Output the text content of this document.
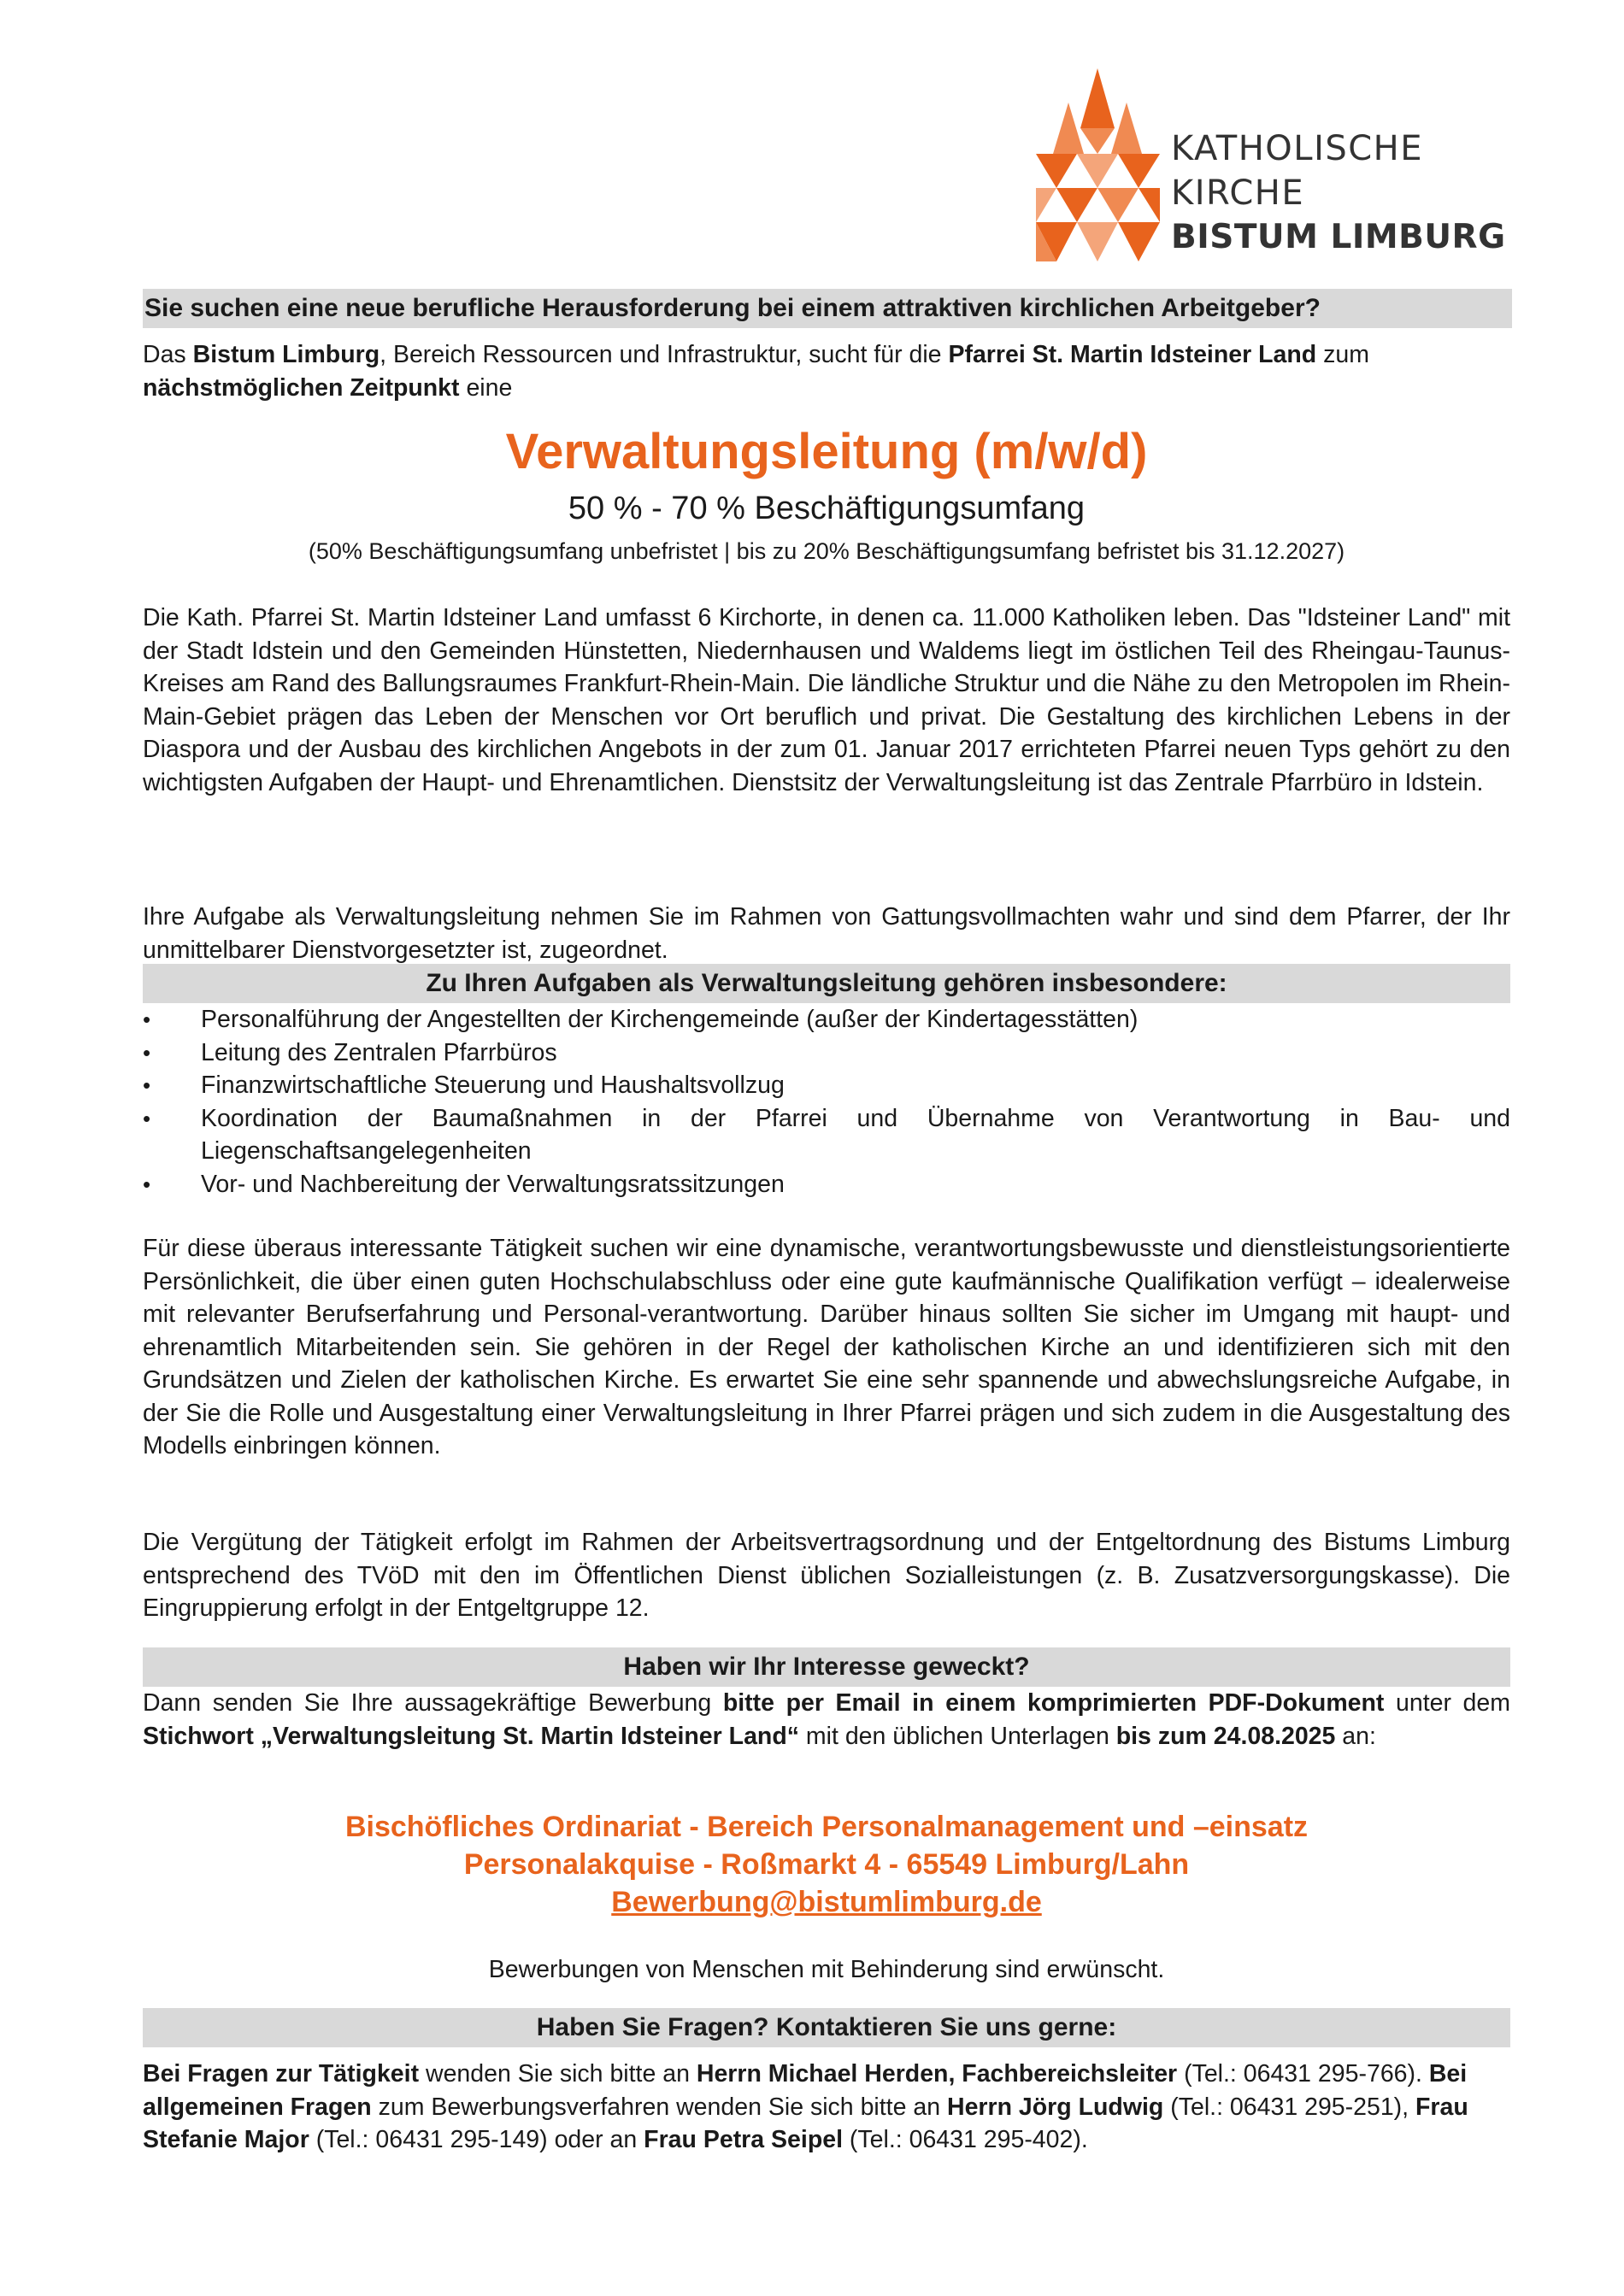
KATHOLISCHE
KIRCHE
BISTUM LIMBURG
Sie suchen eine neue berufliche Herausforderung bei einem attraktiven kirchlichen Arbeitgeber?

Das Bistum Limburg, Bereich Ressourcen und Infrastruktur, sucht für die Pfarrei St. Martin Idsteiner Land zum nächstmöglichen Zeitpunkt eine

Verwaltungsleitung (m/w/d)
50 % - 70 % Beschäftigungsumfang
(50% Beschäftigungsumfang unbefristet | bis zu 20% Beschäftigungsumfang befristet bis 31.12.2027)

Die Kath. Pfarrei St. Martin Idsteiner Land umfasst 6 Kirchorte, in denen ca. 11.000 Katholiken leben. Das "Idsteiner Land" mit der Stadt Idstein und den Gemeinden Hünstetten, Niedernhausen und Waldems liegt im östlichen Teil des Rheingau-Taunus-Kreises am Rand des Ballungsraumes Frankfurt-Rhein-Main. Die ländliche Struktur und die Nähe zu den Metropolen im Rhein-Main-Gebiet prägen das Leben der Menschen vor Ort beruflich und privat. Die Gestaltung des kirchlichen Lebens in der Diaspora und der Ausbau des kirchlichen Angebots in der zum 01. Januar 2017 errichteten Pfarrei neuen Typs gehört zu den wichtigsten Aufgaben der Haupt- und Ehrenamtlichen. Dienstsitz der Verwaltungsleitung ist das Zentrale Pfarrbüro in Idstein.

Ihre Aufgabe als Verwaltungsleitung nehmen Sie im Rahmen von Gattungsvollmachten wahr und sind dem Pfarrer, der Ihr unmittelbarer Dienstvorgesetzter ist, zugeordnet.

Zu Ihren Aufgaben als Verwaltungsleitung gehören insbesondere:
• Personalführung der Angestellten der Kirchengemeinde (außer der Kindertagesstätten)
• Leitung des Zentralen Pfarrbüros
• Finanzwirtschaftliche Steuerung und Haushaltsvollzug
• Koordination der Baumaßnahmen in der Pfarrei und Übernahme von Verantwortung in Bau- und Liegenschaftsangelegenheiten
• Vor- und Nachbereitung der Verwaltungsratssitzungen

Für diese überaus interessante Tätigkeit suchen wir eine dynamische, verantwortungsbewusste und dienstleistungsorientierte Persönlichkeit, die über einen guten Hochschulabschluss oder eine gute kaufmännische Qualifikation verfügt – idealerweise mit relevanter Berufserfahrung und Personal-verantwortung. Darüber hinaus sollten Sie sicher im Umgang mit haupt- und ehrenamtlich Mitarbeitenden sein. Sie gehören in der Regel der katholischen Kirche an und identifizieren sich mit den Grundsätzen und Zielen der katholischen Kirche. Es erwartet Sie eine sehr spannende und abwechslungsreiche Aufgabe, in der Sie die Rolle und Ausgestaltung einer Verwaltungsleitung in Ihrer Pfarrei prägen und sich zudem in die Ausgestaltung des Modells einbringen können.

Die Vergütung der Tätigkeit erfolgt im Rahmen der Arbeitsvertragsordnung und der Entgeltordnung des Bistums Limburg entsprechend des TVöD mit den im Öffentlichen Dienst üblichen Sozialleistungen (z. B. Zusatzversorgungskasse). Die Eingruppierung erfolgt in der Entgeltgruppe 12.

Haben wir Ihr Interesse geweckt?

Dann senden Sie Ihre aussagekräftige Bewerbung bitte per Email in einem komprimierten PDF-Dokument unter dem Stichwort „Verwaltungsleitung St. Martin Idsteiner Land“ mit den üblichen Unterlagen bis zum 24.08.2025 an:

Bischöfliches Ordinariat - Bereich Personalmanagement und –einsatz
Personalakquise - Roßmarkt 4 - 65549 Limburg/Lahn
Bewerbung@bistumlimburg.de

Bewerbungen von Menschen mit Behinderung sind erwünscht.

Haben Sie Fragen? Kontaktieren Sie uns gerne:

Bei Fragen zur Tätigkeit wenden Sie sich bitte an Herrn Michael Herden, Fachbereichsleiter (Tel.: 06431 295-766). Bei allgemeinen Fragen zum Bewerbungsverfahren wenden Sie sich bitte an Herrn Jörg Ludwig (Tel.: 06431 295-251), Frau Stefanie Major (Tel.: 06431 295-149) oder an Frau Petra Seipel (Tel.: 06431 295-402).
